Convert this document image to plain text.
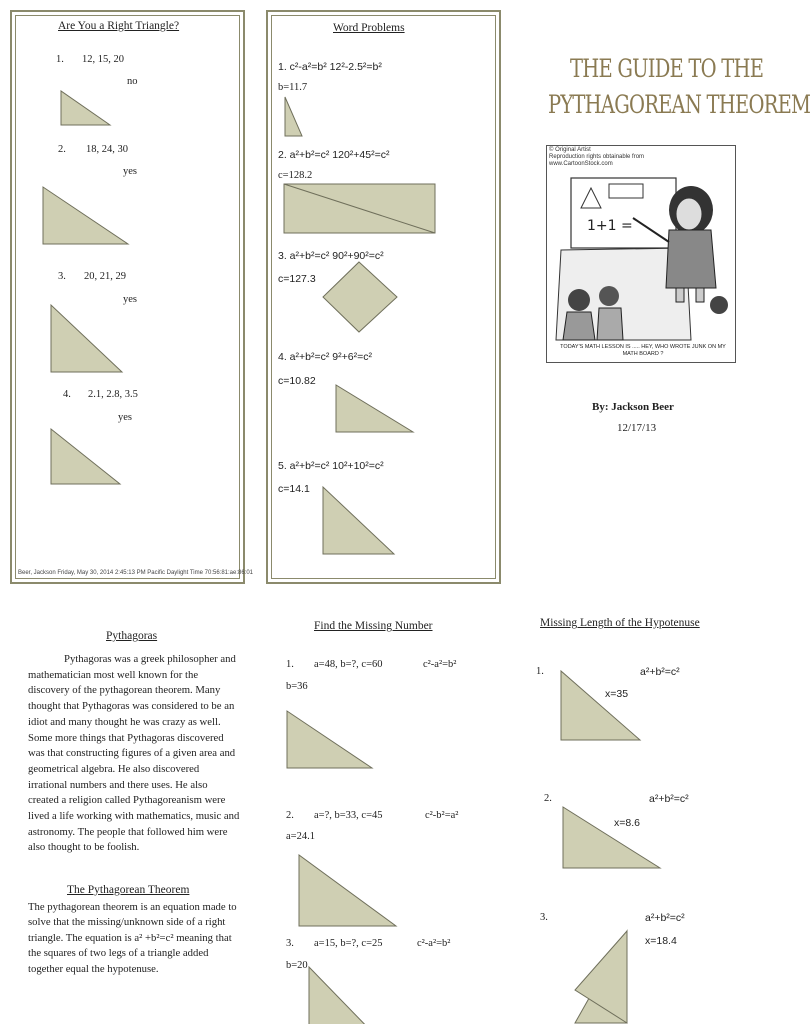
Are You a Right Triangle?
1. 12, 15, 20
no
2. 18, 24, 30
yes
3. 20, 21, 29
yes
4. 2.1, 2.8, 3.5
yes
Beer, Jackson Friday, May 30, 2014 2:45:13 PM Pacific Daylight Time 70:56:81:ae:86:01
Word Problems
1. c²-a²=b² 12²-2.5²=b²
b=11.7
2. a²+b²=c² 120²+45²=c²
c=128.2
3. a²+b²=c² 90²+90²=c²
c=127.3
4. a²+b²=c² 9²+6²=c²
c=10.82
5. a²+b²=c² 10²+10²=c²
c=14.1
THE GUIDE TO THE
PYTHAGOREAN THEOREM
© Original Artist
Reproduction rights obtainable from
www.CartoonStock.com
1+1 =
TODAY'S MATH LESSON IS ..... HEY, WHO WROTE JUNK ON MY MATH BOARD ?
By: Jackson Beer
12/17/13
Pythagoras
Pythagoras was a greek philosopher and mathematician most well known for the discovery of the pythagorean theorem. Many thought that Pythagoras was considered to be an idiot and many thought he was crazy as well. Some more things that Pythagoras discovered was that constructing figures of a given area and geometrical algebra. He also discovered irrational numbers and there uses. He also created a religion called Pythagoreanism were lived a life working with mathematics, music and astronomy. The people that followed him were also thought to be foolish.
The Pythagorean Theorem
The pythagorean theorem is an equation made to solve that the missing/unknown side of a right triangle. The equation is a² +b²=c² meaning that the squares of two legs of a triangle added together equal the hypotenuse.
Find the Missing Number
1. a=48, b=?, c=60	c²-a²=b²
b=36
2. a=?, b=33, c=45	c²-b²=a²
a=24.1
3. a=15, b=?, c=25	c²-a²=b²
b=20
Missing Length of the Hypotenuse
1.	a²+b²=c²
x=35
2.	a²+b²=c²
x=8.6
3.	a²+b²=c²
x=18.4
